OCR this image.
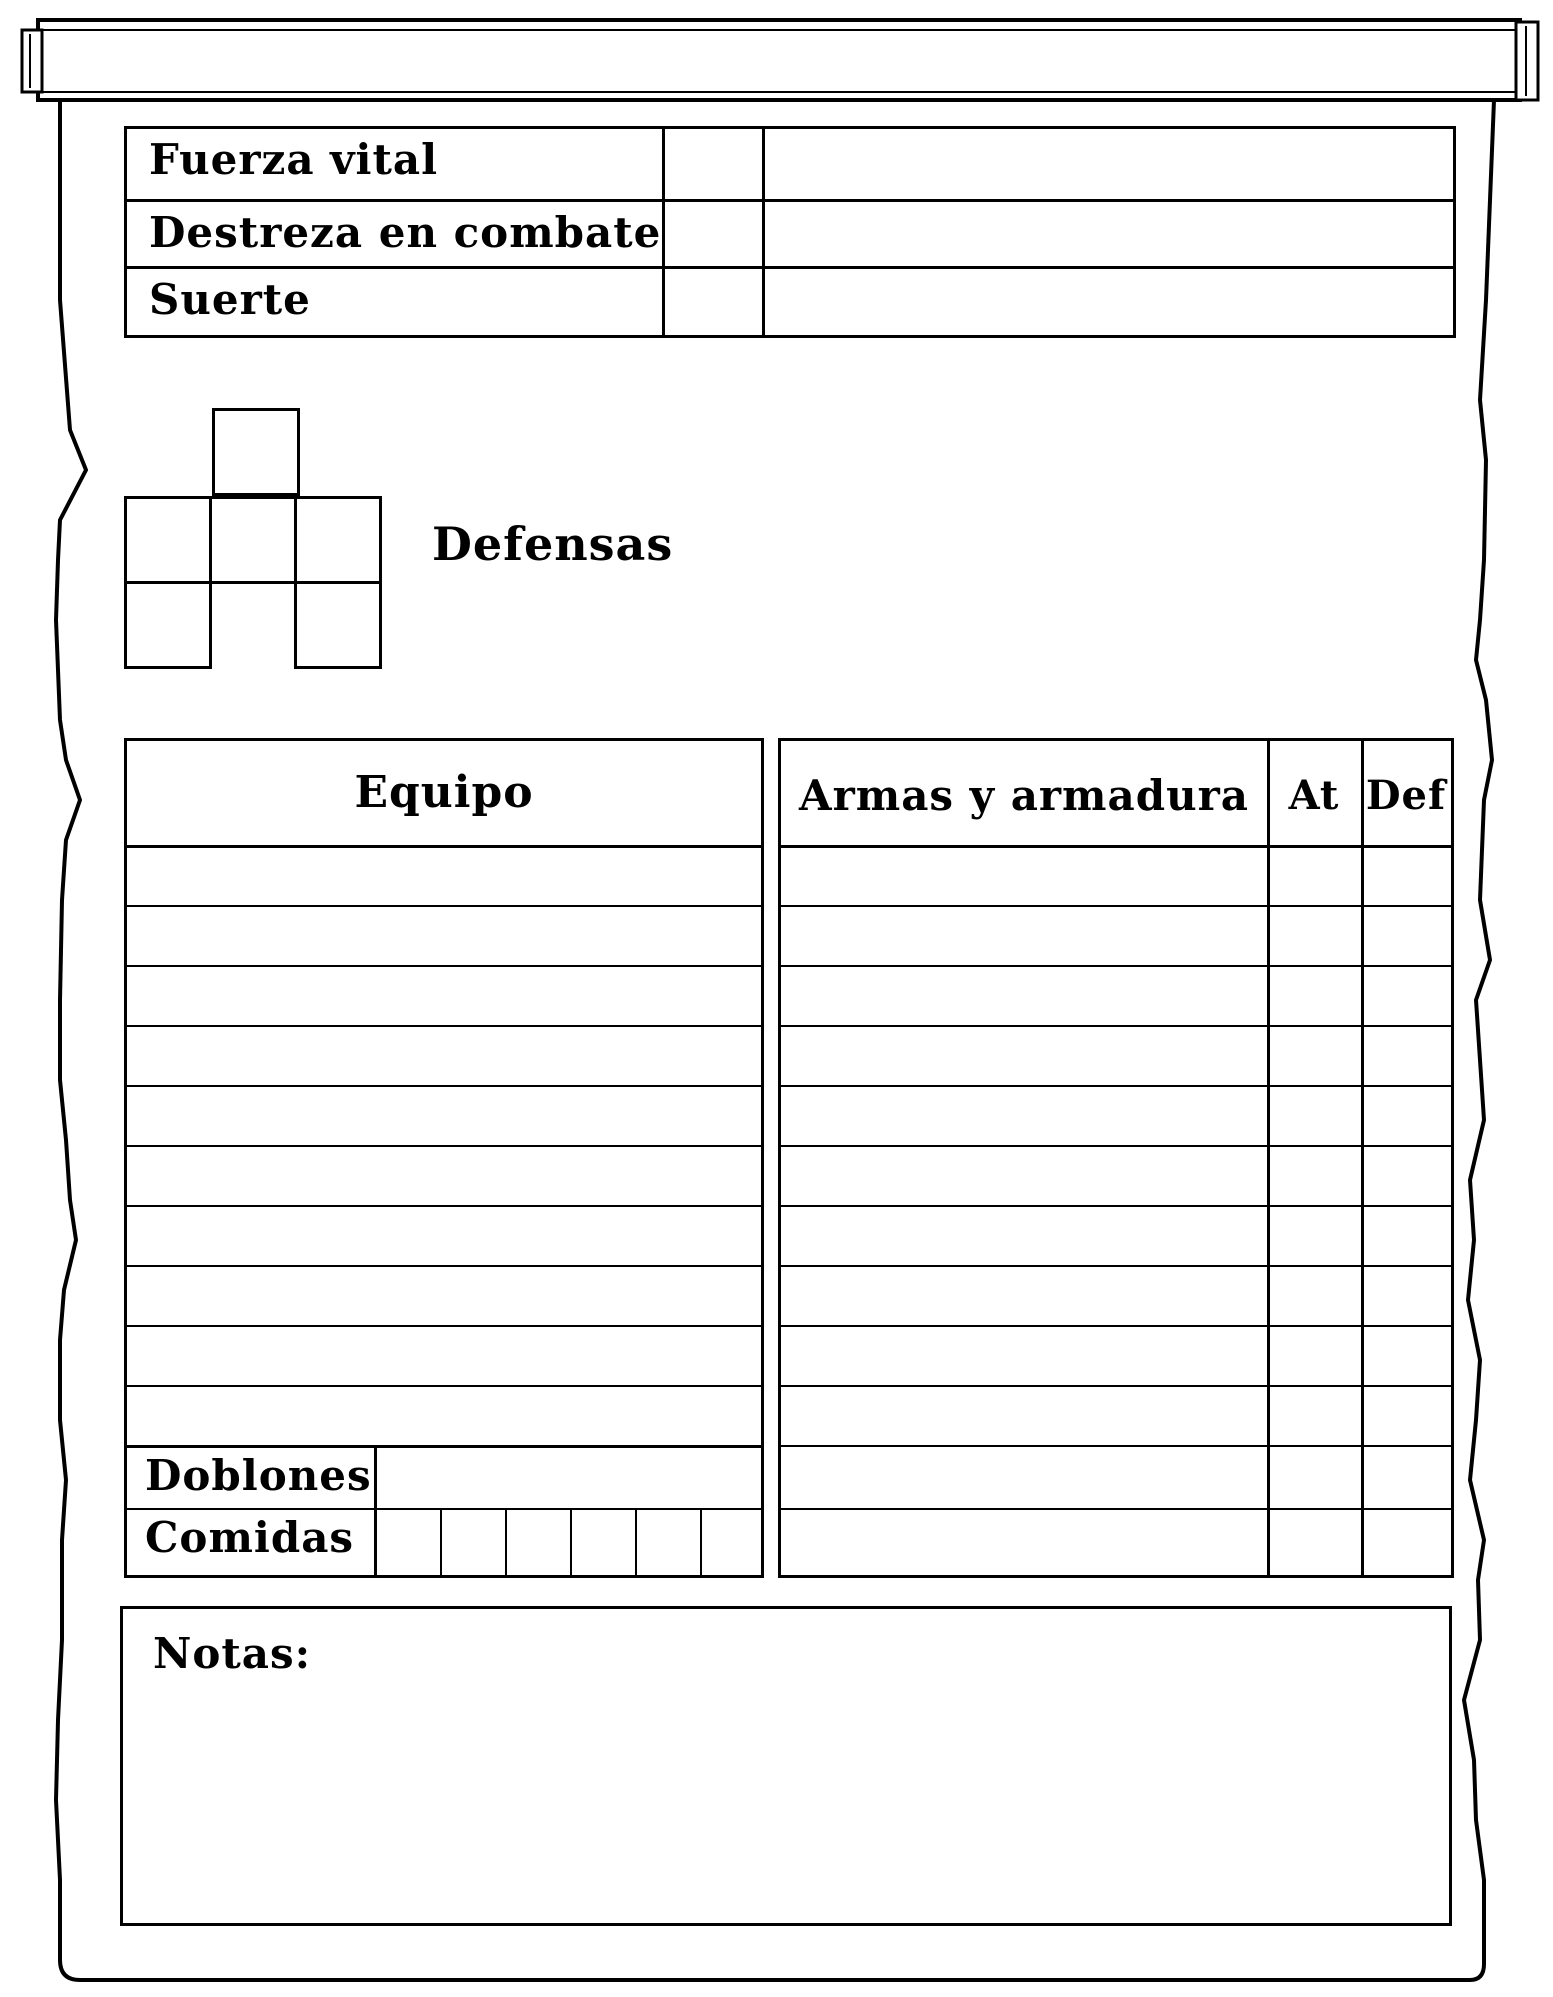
Fuerza vital
Destreza en combate
Suerte
Defensas
Equipo
Doblones
Comidas
Armas y armadura At Def
Notas:
